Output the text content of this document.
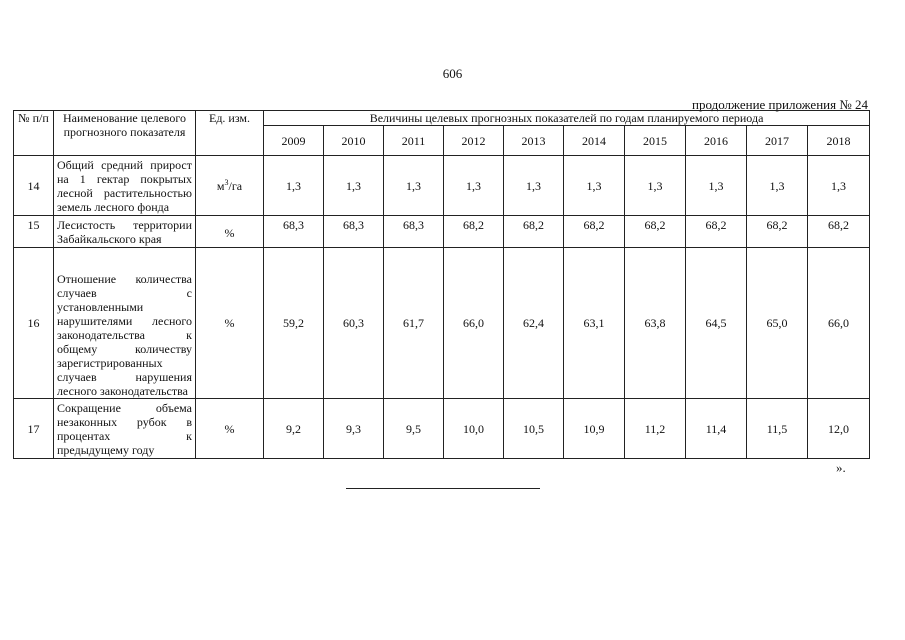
606
продолжение приложения № 24
№ п/п	Наименование целевого прогнозного показателя	Ед. изм.	Величины целевых прогнозных показателей по годам планируемого периода									
			2009	2010	2011	2012	2013	2014	2015	2016	2017	2018
14	Общий средний прирост на 1 гектар покрытых лесной растительностью земель лесного фонда	$м^3/га$	1,3	1,3	1,3	1,3	1,3	1,3	1,3	1,3	1,3	1,3
15	Лесистость территории Забайкальского края	%	68,3	68,3	68,3	68,2	68,2	68,2	68,2	68,2	68,2	68,2
16	Отношение количества случаев с установленными нарушителями лесного законодательства к общему количеству зарегистрированных случаев нарушения лесного законодательства	%	59,2	60,3	61,7	66,0	62,4	63,1	63,8	64,5	65,0	66,0
17	Сокращение объема незаконных рубок в процентах к предыдущему году	%	9,2	9,3	9,5	10,0	10,5	10,9	11,2	11,4	11,5	12,0
».
